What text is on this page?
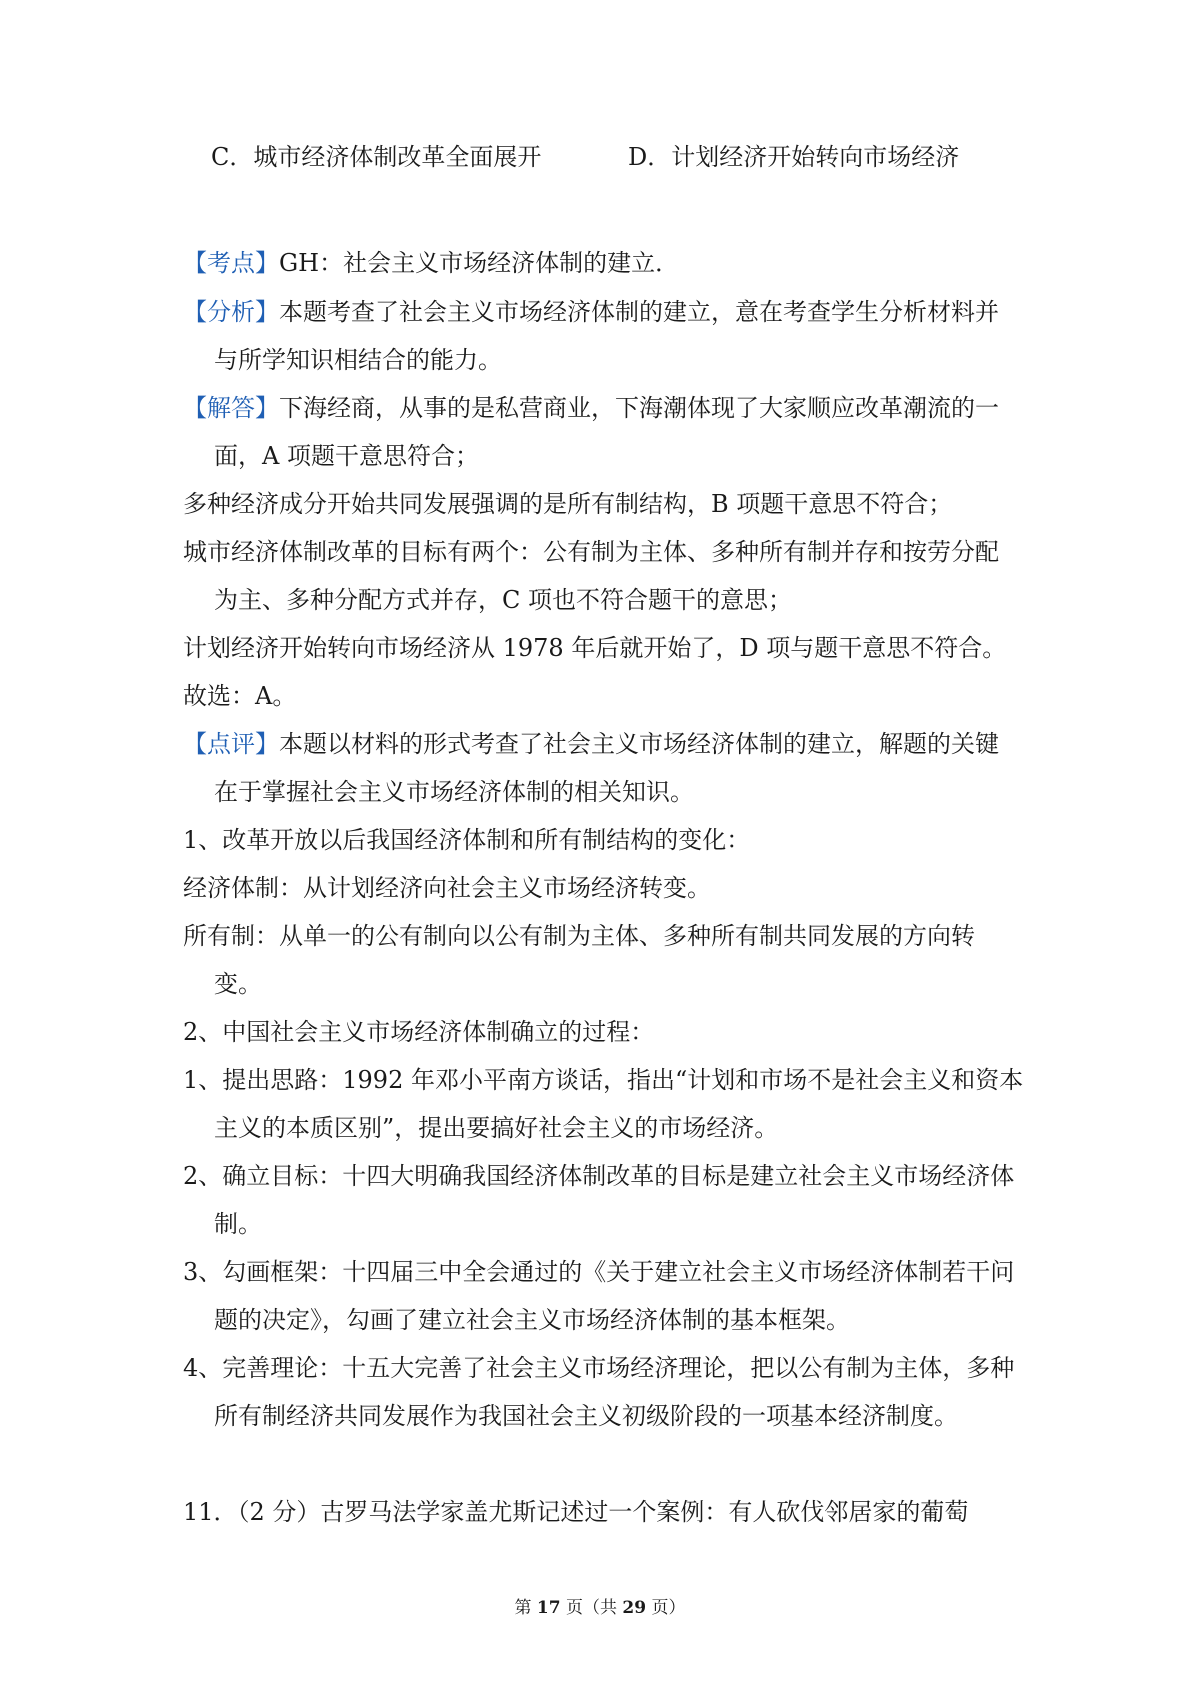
C．城市经济体制改革全面展开	D．计划经济开始转向市场经济
【考点】GH：社会主义市场经济体制的建立．
【分析】本题考查了社会主义市场经济体制的建立，意在考查学生分析材料并
与所学知识相结合的能力。
【解答】下海经商，从事的是私营商业，下海潮体现了大家顺应改革潮流的一
面，A 项题干意思符合；
多种经济成分开始共同发展强调的是所有制结构，B 项题干意思不符合；
城市经济体制改革的目标有两个：公有制为主体、多种所有制并存和按劳分配
为主、多种分配方式并存，C 项也不符合题干的意思；
计划经济开始转向市场经济从 1978 年后就开始了，D 项与题干意思不符合。
故选：A。
【点评】本题以材料的形式考查了社会主义市场经济体制的建立，解题的关键
在于掌握社会主义市场经济体制的相关知识。
1、改革开放以后我国经济体制和所有制结构的变化：
经济体制：从计划经济向社会主义市场经济转变。
所有制：从单一的公有制向以公有制为主体、多种所有制共同发展的方向转
变。
2、中国社会主义市场经济体制确立的过程：
1、提出思路：1992 年邓小平南方谈话，指出“计划和市场不是社会主义和资本
主义的本质区别”，提出要搞好社会主义的市场经济。
2、确立目标：十四大明确我国经济体制改革的目标是建立社会主义市场经济体
制。
3、勾画框架：十四届三中全会通过的《关于建立社会主义市场经济体制若干问
题的决定》，勾画了建立社会主义市场经济体制的基本框架。
4、完善理论：十五大完善了社会主义市场经济理论，把以公有制为主体，多种
所有制经济共同发展作为我国社会主义初级阶段的一项基本经济制度。
11．（2 分）古罗马法学家盖尤斯记述过一个案例：有人砍伐邻居家的葡萄
第 17 页（共 29 页）
